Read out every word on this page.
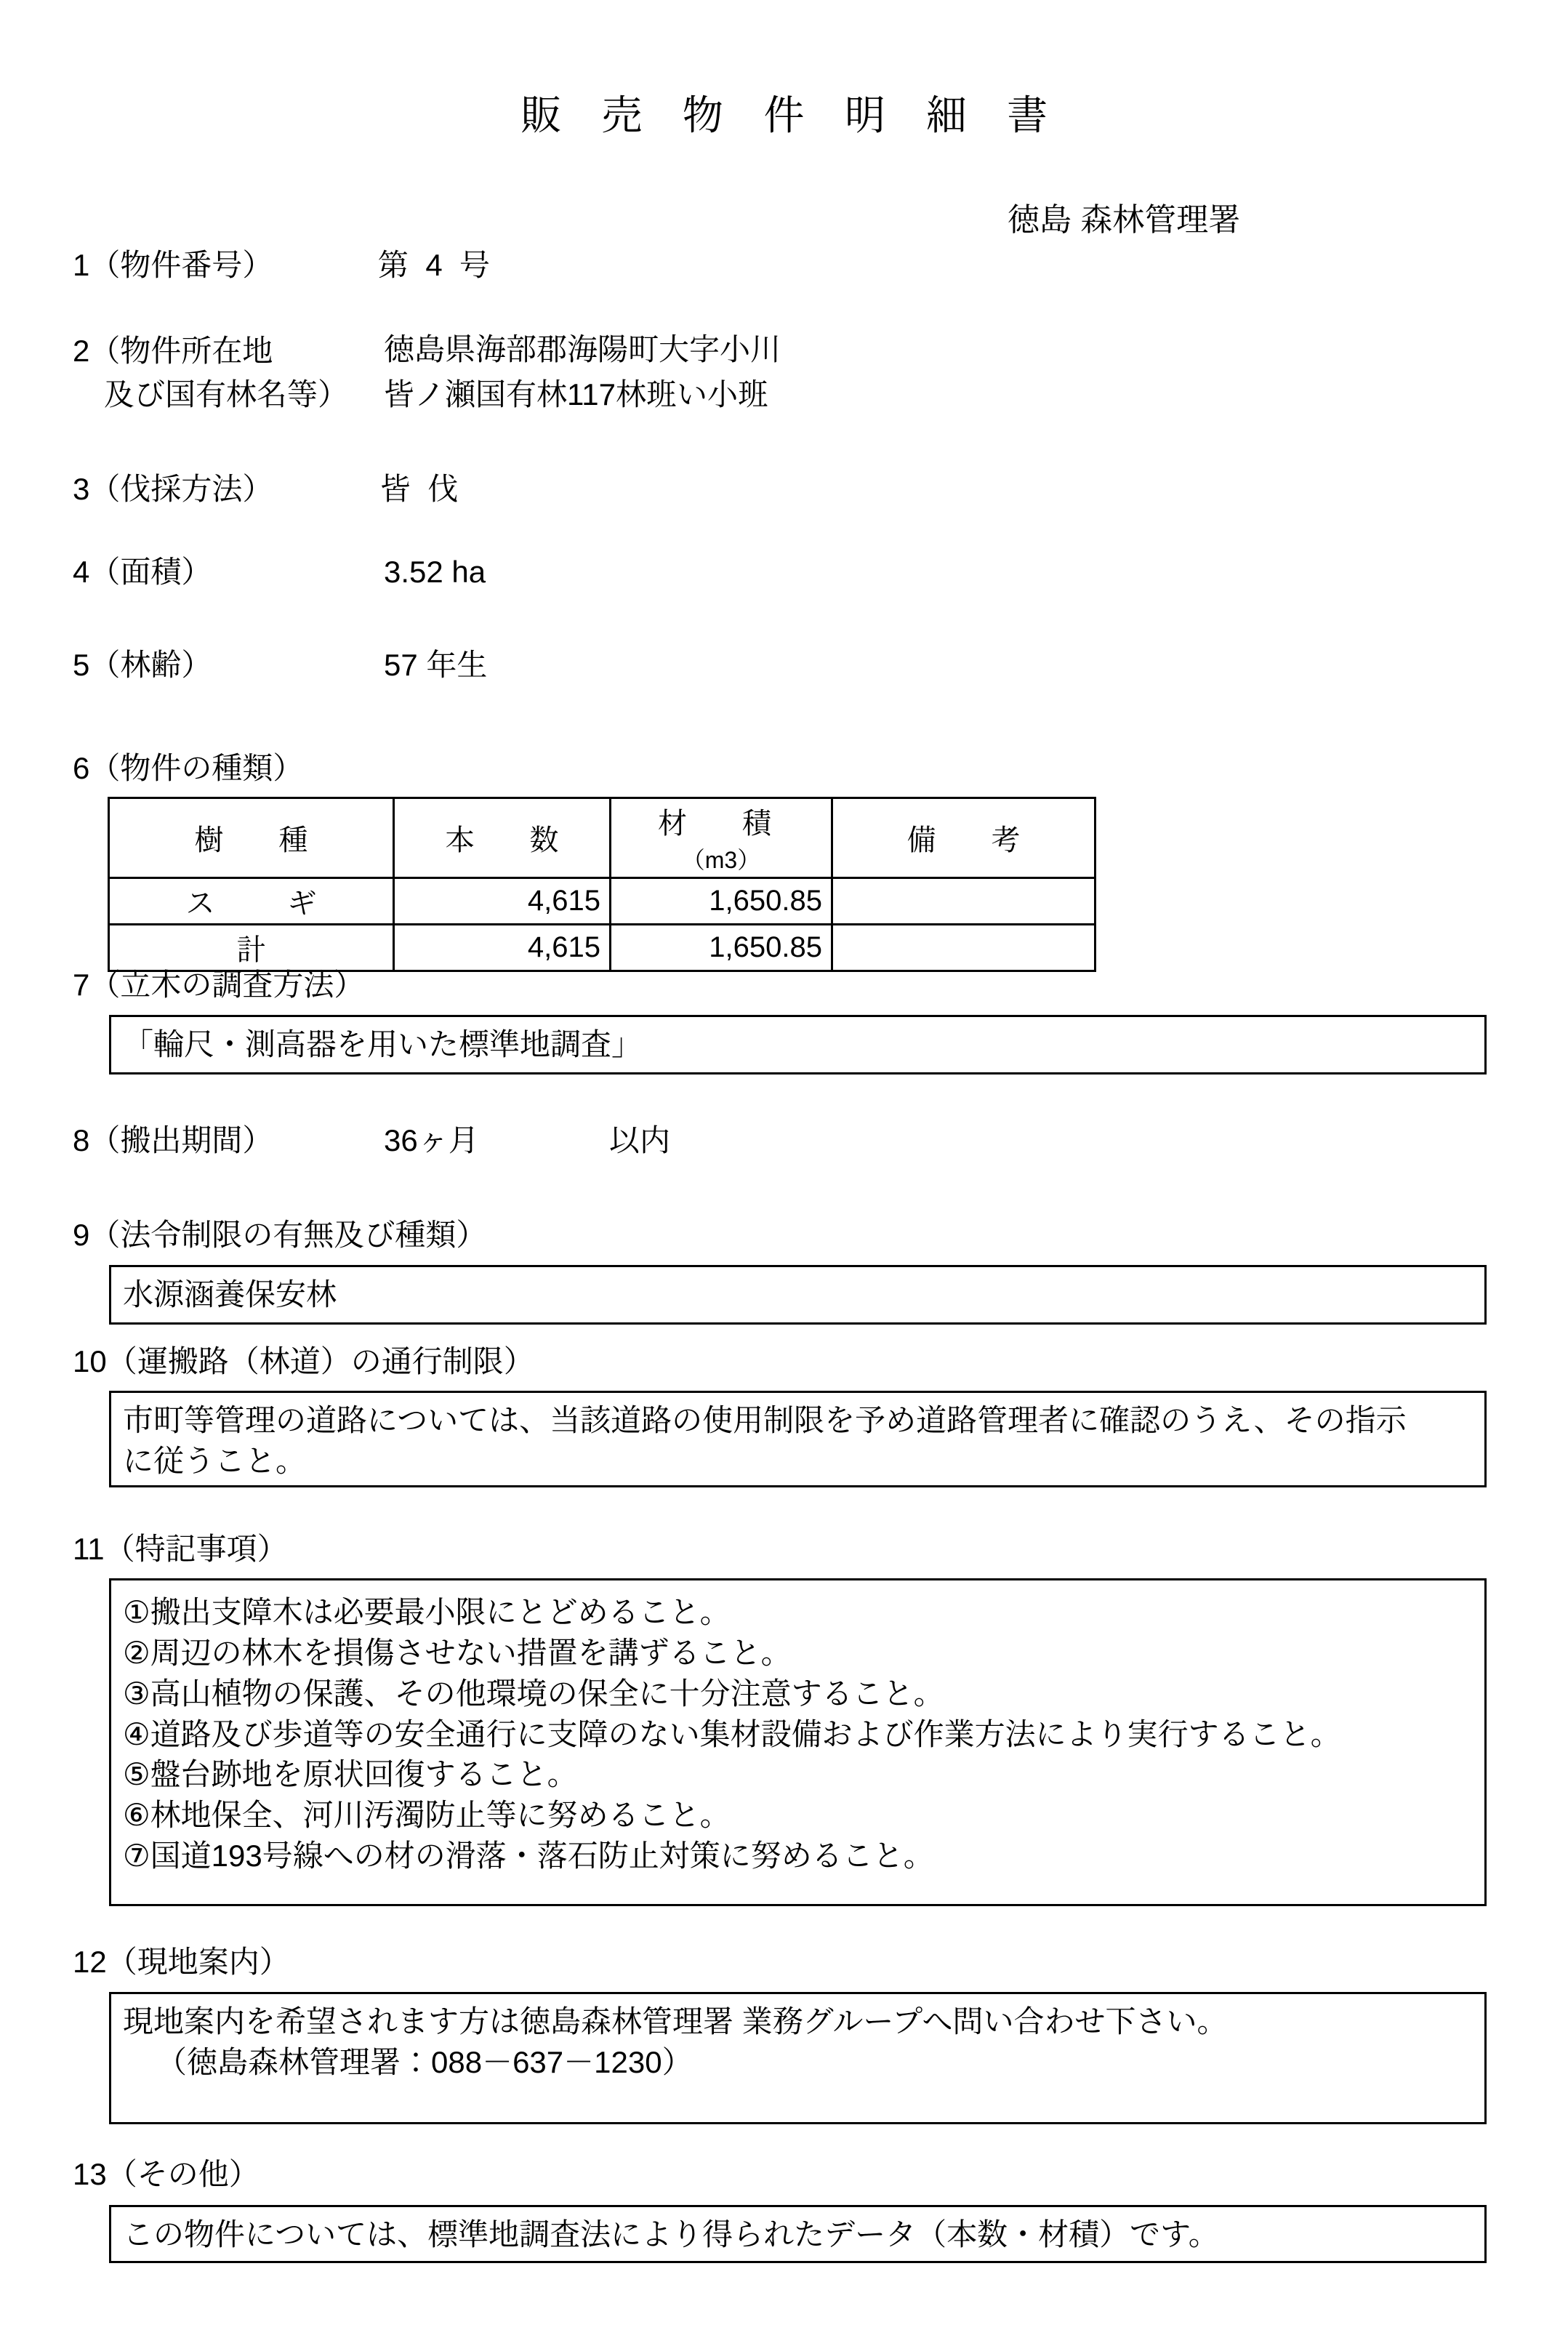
販 売 物 件 明 細 書
徳島 森林管理署
1（物件番号）	第  4  号
2（物件所在地
及び国有林名等）
徳島県海部郡海陽町大字小川
皆ノ瀬国有林117林班い小班
3（伐採方法）	皆  伐
4（面積）	3.52 ha
5（林齢）	57 年生
6（物件の種類）
樹　種	本　数	材　積（m3）	備　考
ス　ギ	4,615	1,650.85	
計	4,615	1,650.85	
7（立木の調査方法）

「輪尺・測高器を用いた標準地調査」

8（搬出期間）	36ヶ月	以内
9（法令制限の有無及び種類）

水源涵養保安林

10（運搬路（林道）の通行制限）

市町等管理の道路については、当該道路の使用制限を予め道路管理者に確認のうえ、その指示

に従うこと。

11（特記事項）

①搬出支障木は必要最小限にとどめること。

②周辺の林木を損傷させない措置を講ずること。

③高山植物の保護、その他環境の保全に十分注意すること。

④道路及び歩道等の安全通行に支障のない集材設備および作業方法により実行すること。

⑤盤台跡地を原状回復すること。

⑥林地保全、河川汚濁防止等に努めること。

⑦国道193号線への材の滑落・落石防止対策に努めること。

12（現地案内）

現地案内を希望されます方は徳島森林管理署 業務グループへ問い合わせ下さい。

（徳島森林管理署：088－637－1230）

13（その他）

この物件については、標準地調査法により得られたデータ（本数・材積）です。
